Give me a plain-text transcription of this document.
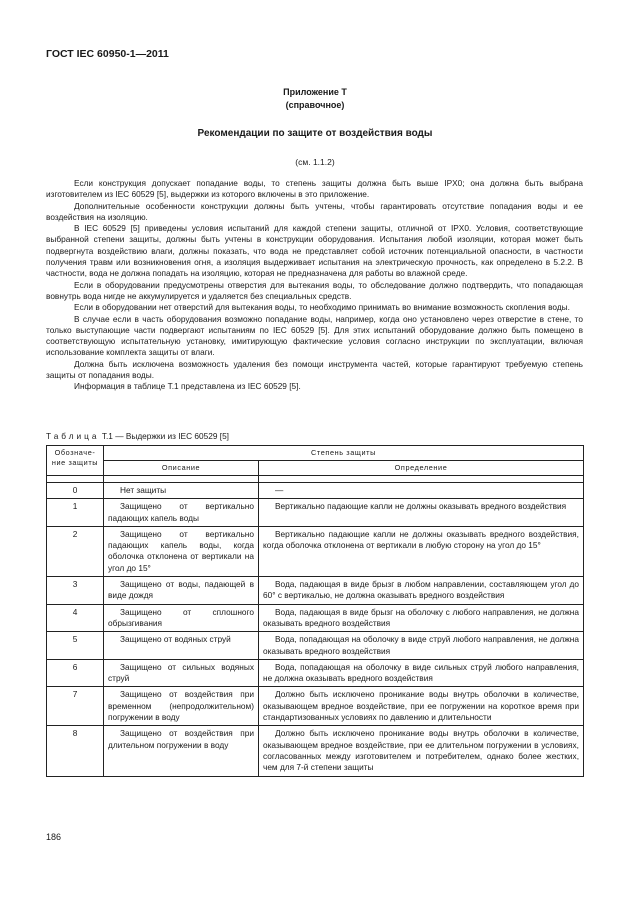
ГОСТ IEC 60950-1—2011
Приложение Т
(справочное)
Рекомендации по защите от воздействия воды
(см. 1.1.2)

Если конструкция допускает попадание воды, то степень защиты должна быть выше IPX0; она должна быть выбрана изготовителем из IEC 60529 [5], выдержки из которого включены в это приложение.

Дополнительные особенности конструкции должны быть учтены, чтобы гарантировать отсутствие попадания воды и ее воздействия на изоляцию.

В IEC 60529 [5] приведены условия испытаний для каждой степени защиты, отличной от IPX0. Условия, соответствующие выбранной степени защиты, должны быть учтены в конструкции оборудования. Испытания любой изоляции, которая может быть подвергнута воздействию влаги, должны показать, что вода не представляет собой источник потенциальной опасности, в частности получения травм или возникновения огня, а изоляция выдерживает испытания на электрическую прочность, как определено в 5.2.2. В частности, вода не должна попадать на изоляцию, которая не предназначена для работы во влажной среде.

Если в оборудовании предусмотрены отверстия для вытекания воды, то обследование должно подтвердить, что попадающая вовнутрь вода нигде не аккумулируется и удаляется без специальных средств.

Если в оборудовании нет отверстий для вытекания воды, то необходимо принимать во внимание возможность скопления воды.

В случае если в часть оборудования возможно попадание воды, например, когда оно установлено через отверстие в стене, то только выступающие части подвергают испытаниям по IEC 60529 [5]. Для этих испытаний оборудование должно быть помещено в соответствующую испытательную установку, имитирующую фактические условия согласно инструкции по эксплуатации, включая использование комплекта защиты от влаги.

Должна быть исключена возможность удаления без помощи инструмента частей, которые гарантируют требуемую степень защиты от попадания воды.

Информация в таблице Т.1 представлена из IEC 60529 [5].

Таблица Т.1 — Выдержки из IEC 60529 [5]
Обозначе-ние защиты	Степень защиты	
	Описание	Определение

0	Нет защиты	—
1	Защищено от вертикально падающих капель воды	Вертикально падающие капли не должны оказывать вредного воздействия
2	Защищено от вертикально падающих капель воды, когда оболочка отклонена от вертикали на угол до 15°	Вертикально падающие капли не должны оказывать вредного воздействия, когда оболочка отклонена от вертикали в любую сторону на угол до 15°
3	Защищено от воды, падающей в виде дождя	Вода, падающая в виде брызг в любом направлении, составляющем угол до 60° с вертикалью, не должна оказывать вредного воздействия
4	Защищено от сплошного обрызгивания	Вода, падающая в виде брызг на оболочку с любого направления, не должна оказывать вредного воздействия
5	Защищено от водяных струй	Вода, попадающая на оболочку в виде струй любого направления, не должна оказывать вредного воздействия
6	Защищено от сильных водяных струй	Вода, попадающая на оболочку в виде сильных струй любого направления, не должна оказывать вредного воздействия
7	Защищено от воздействия при временном (непродолжительном) погружении в воду	Должно быть исключено проникание воды внутрь оболочки в количестве, оказывающем вредное воздействие, при ее погружении на короткое время при стандартизованных условиях по давлению и длительности
8	Защищено от воздействия при длительном погружении в воду	Должно быть исключено проникание воды внутрь оболочки в количестве, оказывающем вредное воздействие, при ее длительном погружении в условиях, согласованных между изготовителем и потребителем, однако более жестких, чем для 7-й степени защиты
186
